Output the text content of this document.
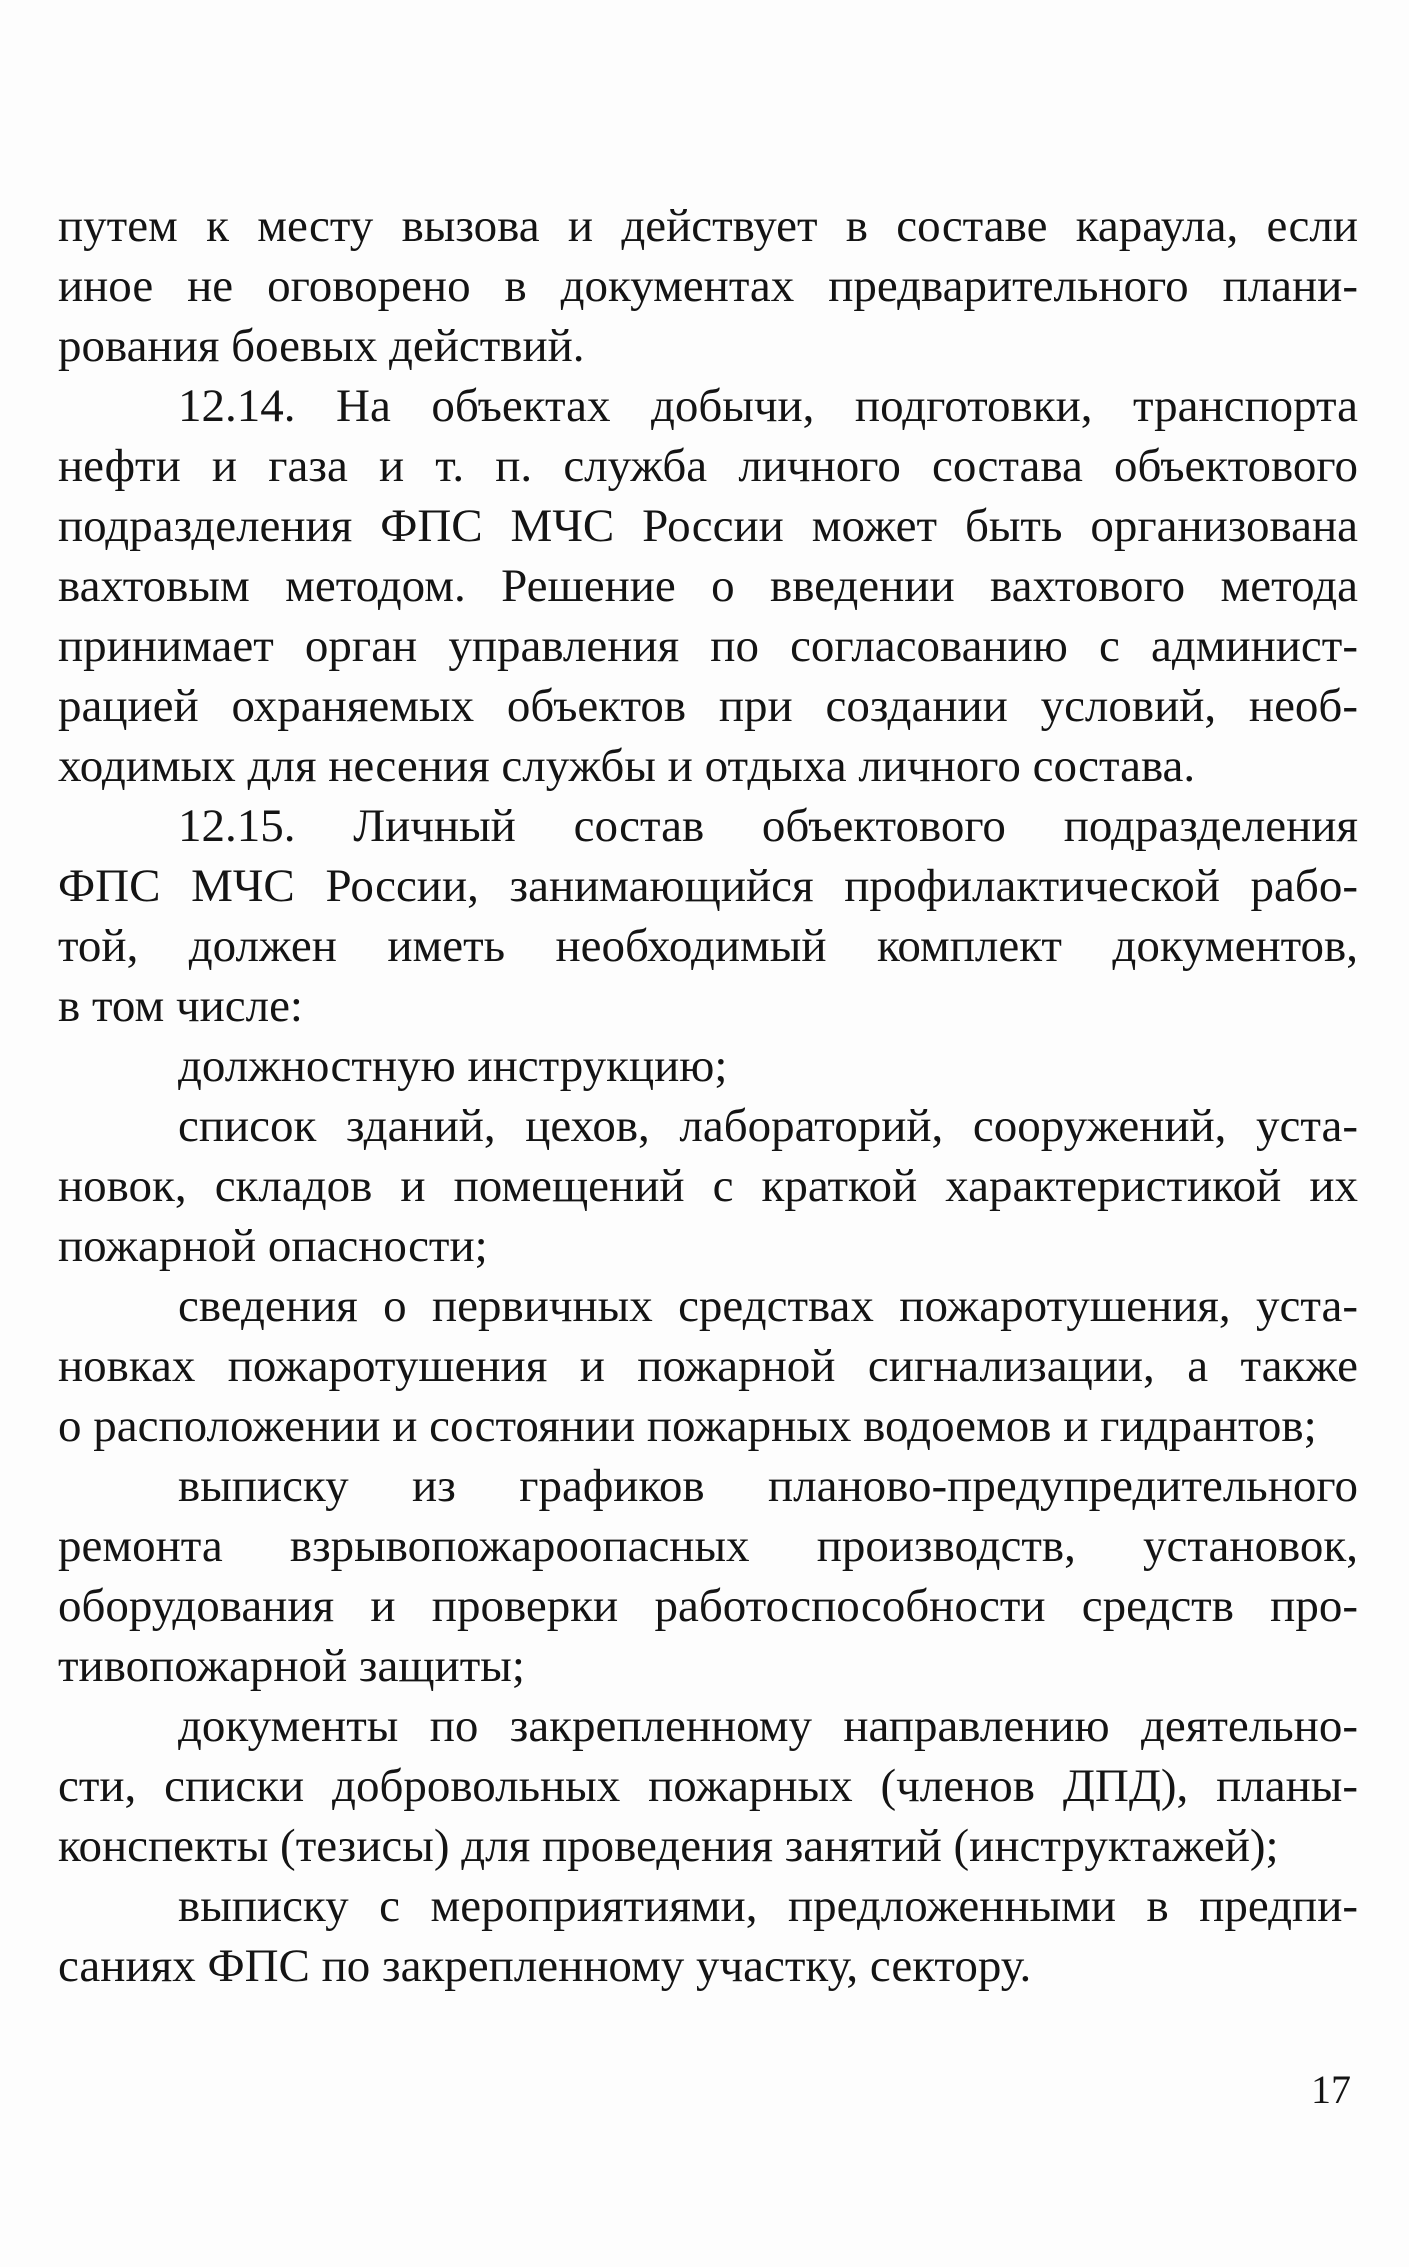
путем к месту вызова и действует в составе караула, если
иное не оговорено в документах предварительного плани-
рования боевых действий.
12.14. На объектах добычи, подготовки, транспорта
нефти и газа и т. п. служба личного состава объектового
подразделения ФПС МЧС России может быть организована
вахтовым методом. Решение о введении вахтового метода
принимает орган управления по согласованию с админист-
рацией охраняемых объектов при создании условий, необ-
ходимых для несения службы и отдыха личного состава.
12.15. Личный состав объектового подразделения
ФПС МЧС России, занимающийся профилактической рабо-
той, должен иметь необходимый комплект документов,
в том числе:
должностную инструкцию;
список зданий, цехов, лабораторий, сооружений, уста-
новок, складов и помещений с краткой характеристикой их
пожарной опасности;
сведения о первичных средствах пожаротушения, уста-
новках пожаротушения и пожарной сигнализации, а также
о расположении и состоянии пожарных водоемов и гидрантов;
выписку из графиков планово-предупредительного
ремонта взрывопожароопасных производств, установок,
оборудования и проверки работоспособности средств про-
тивопожарной защиты;
документы по закрепленному направлению деятельно-
сти, списки добровольных пожарных (членов ДПД), планы-
конспекты (тезисы) для проведения занятий (инструктажей);
выписку с мероприятиями, предложенными в предпи-
саниях ФПС по закрепленному участку, сектору.
17
